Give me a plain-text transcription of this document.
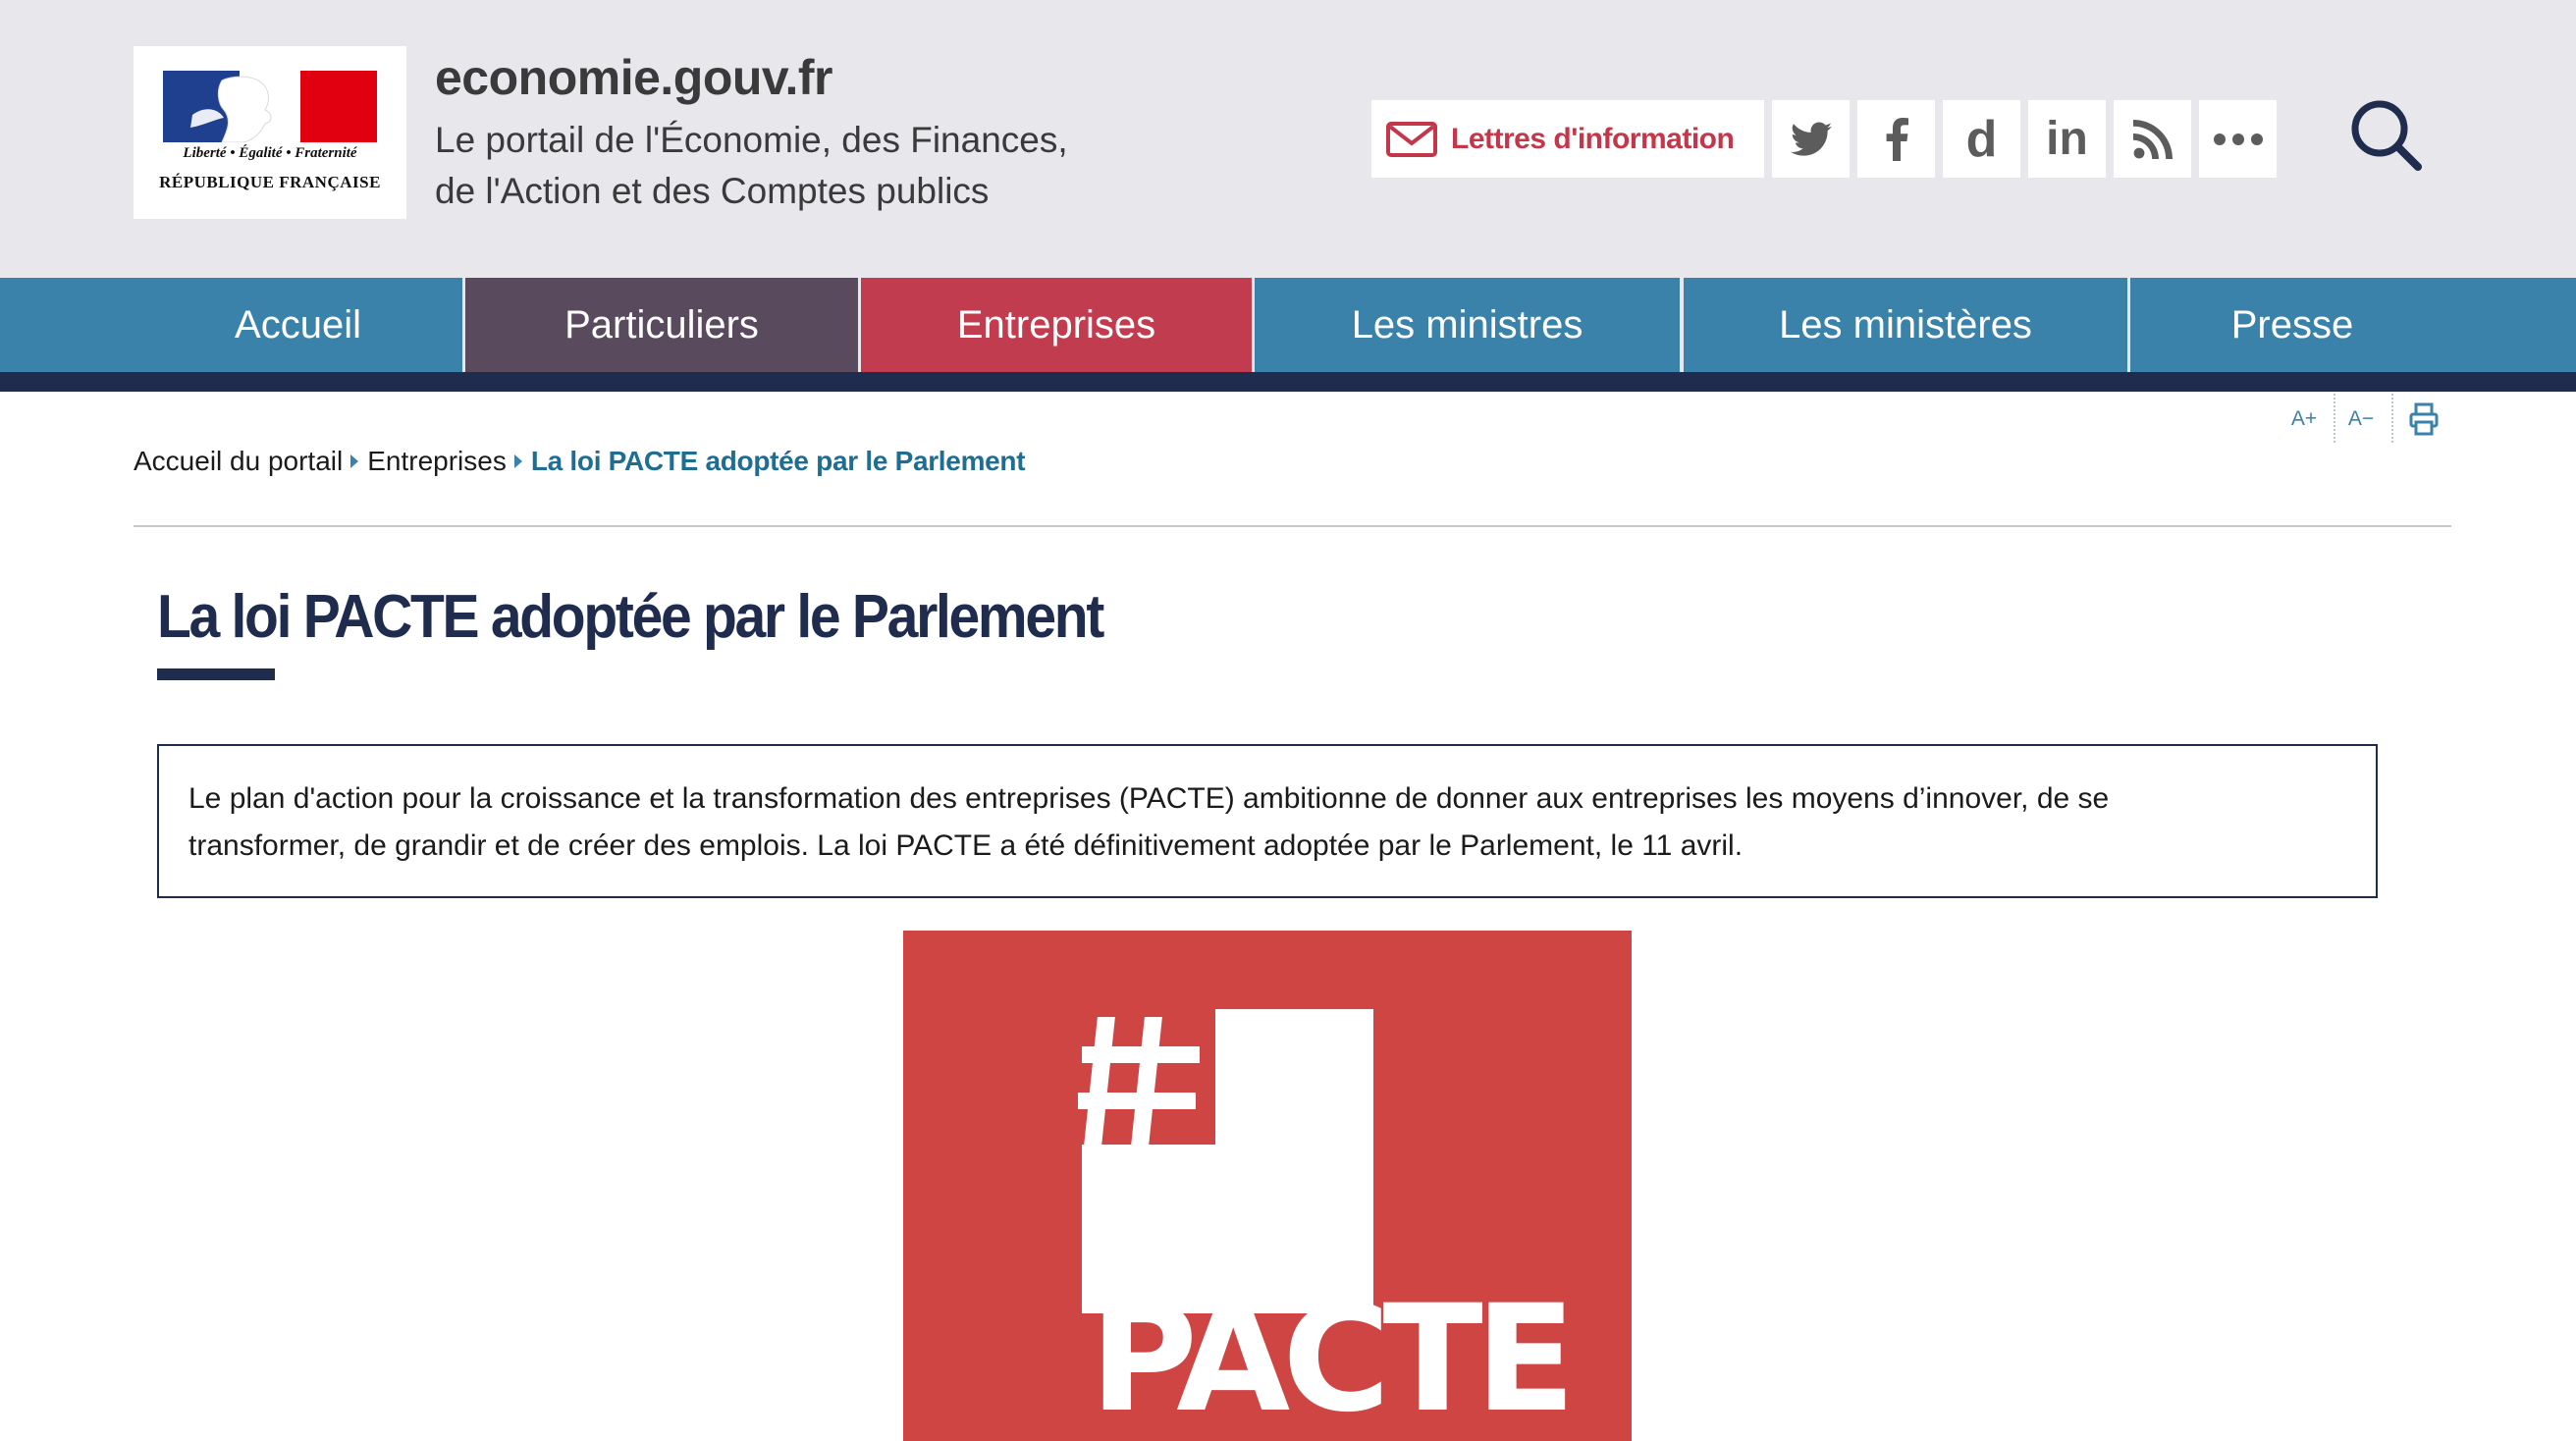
Liberté • Égalité • Fraternité
RÉPUBLIQUE FRANÇAISE
economie.gouv.fr
Le portail de l'Économie, des Finances,
de l'Action et des Comptes publics
Lettres d'information	d in
Accueil	Particuliers	Entreprises	Les ministres	Les ministères	Presse
A+ A−
Accueil du portail Entreprises La loi PACTE adoptée par le Parlement
La loi PACTE adoptée par le Parlement
Le plan d'action pour la croissance et la transformation des entreprises (PACTE) ambitionne de donner aux entreprises les moyens d’innover, de se
transformer, de grandir et de créer des emplois. La loi PACTE a été définitivement adoptée par le Parlement, le 11 avril.
PACTE
